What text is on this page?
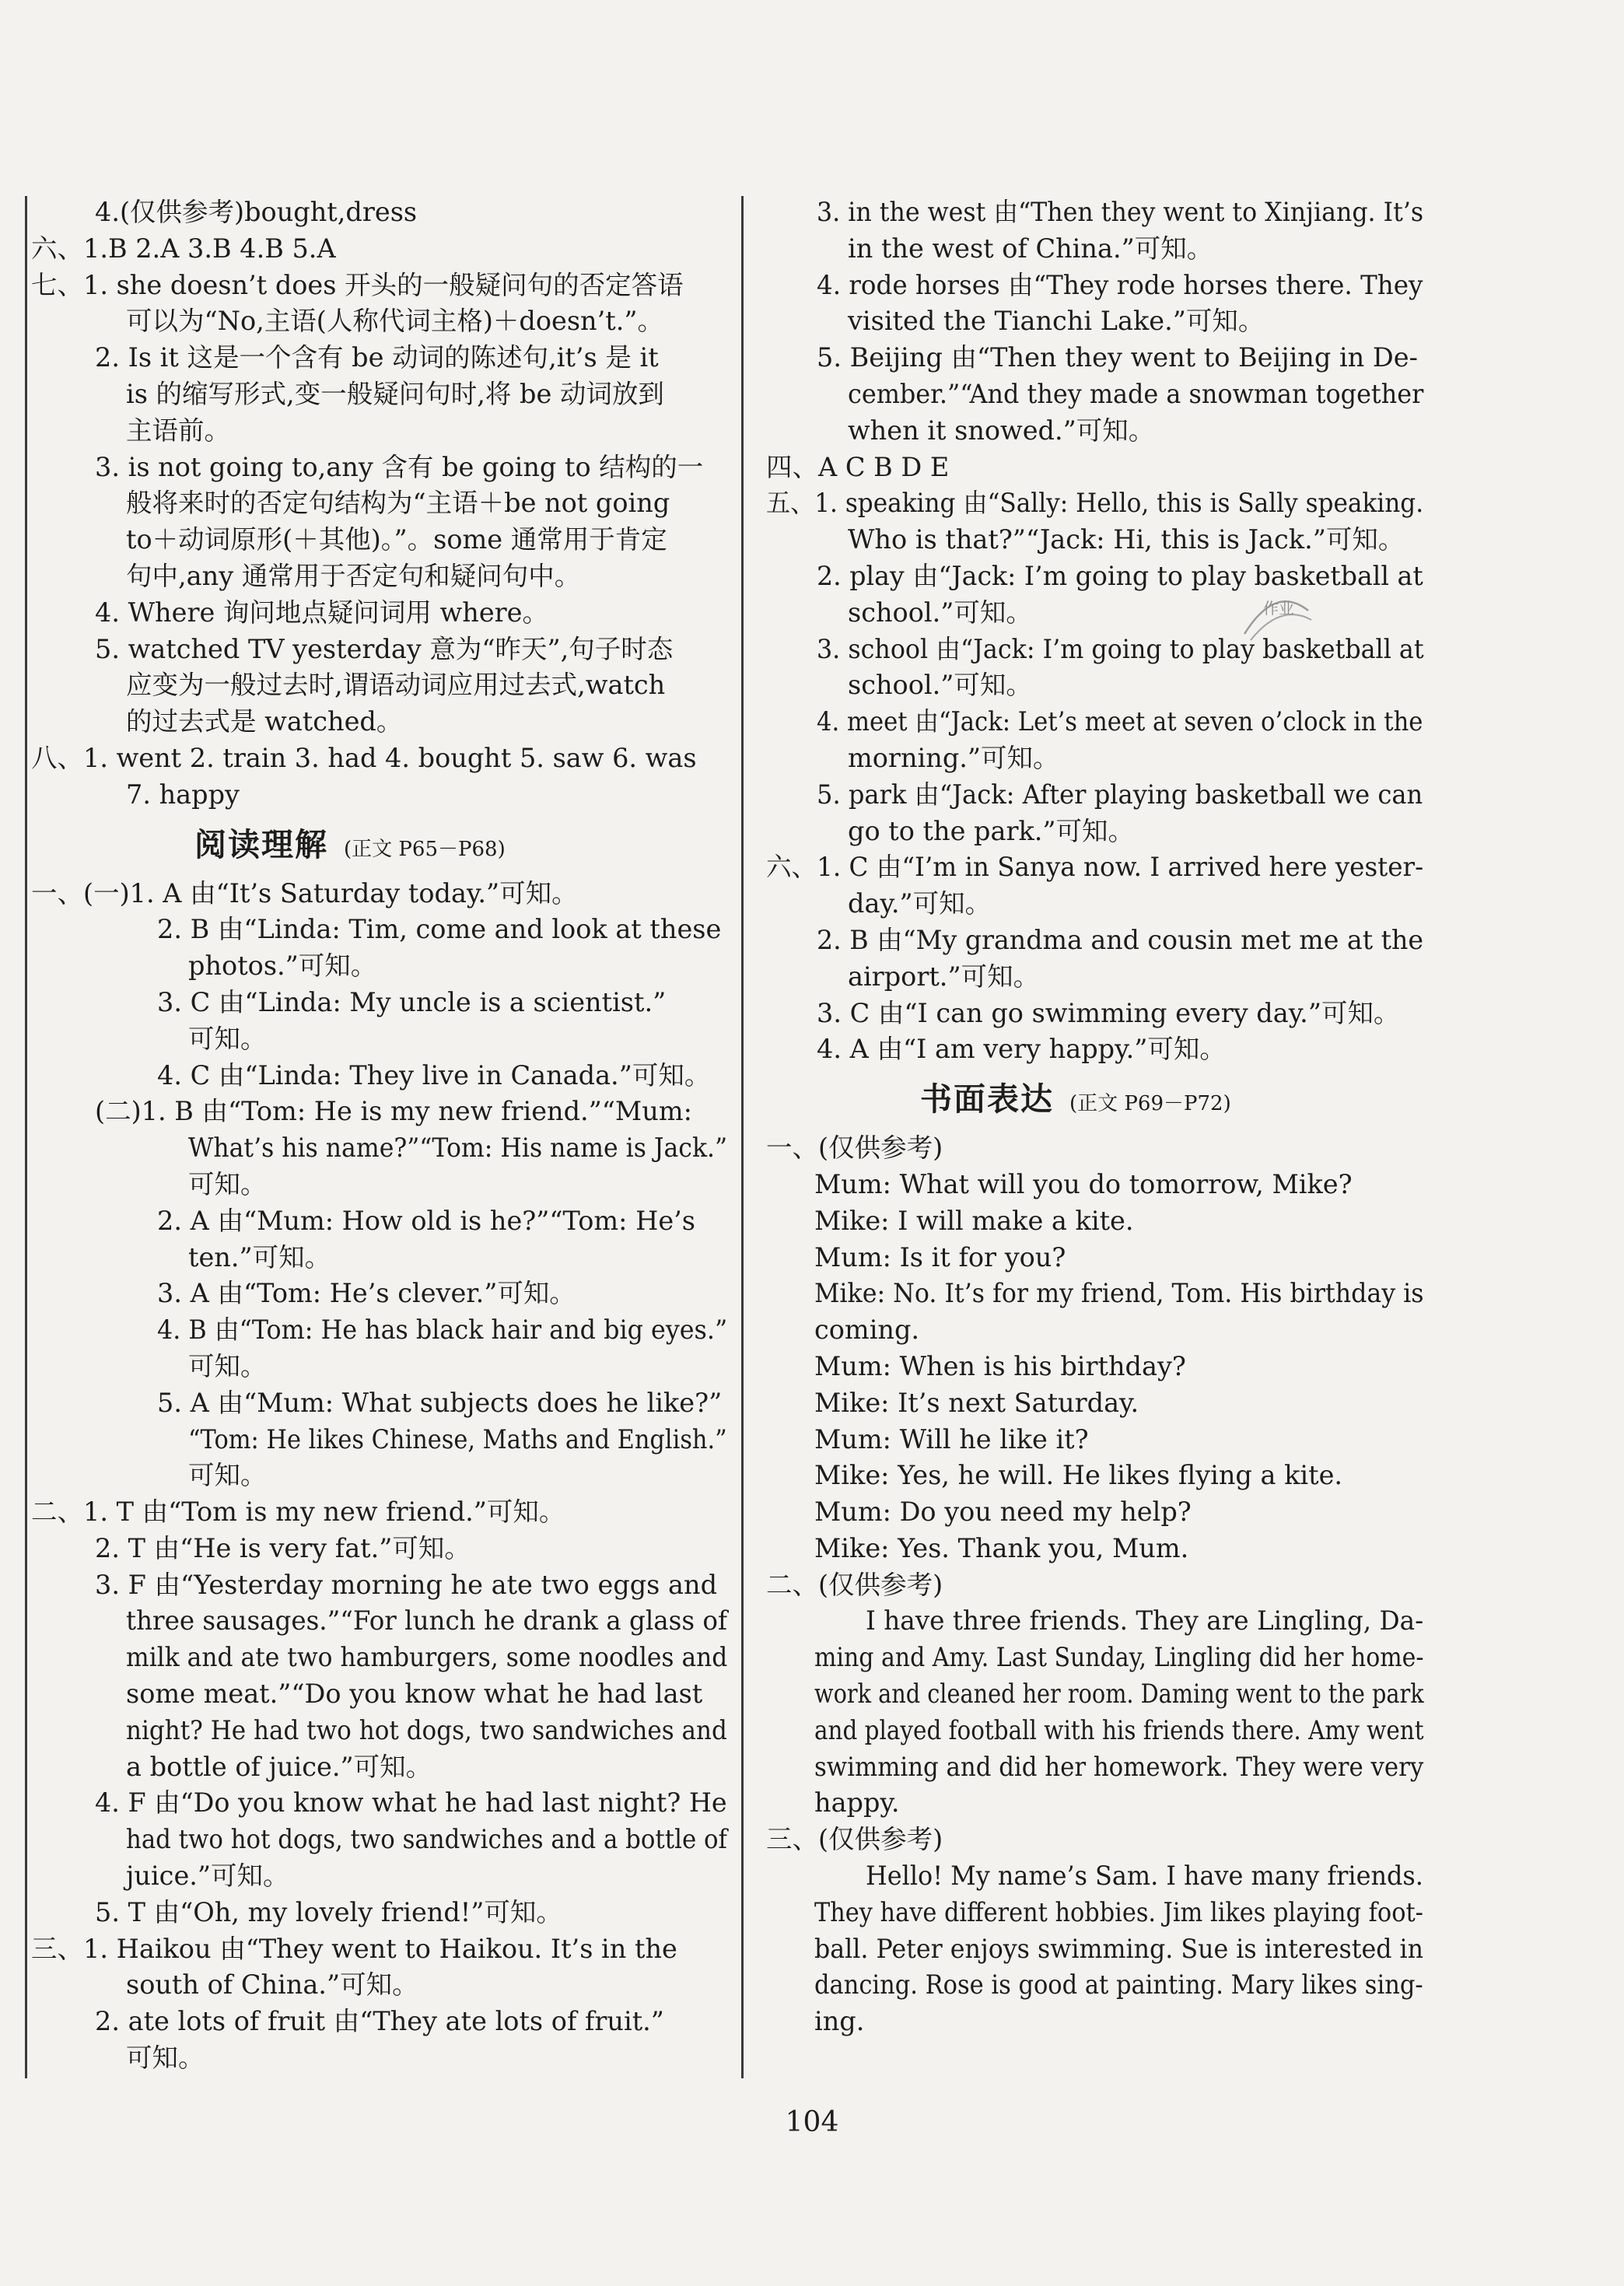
4.(仅供参考)bought,dress
六、1.B 2.A 3.B 4.B 5.A
七、1. she doesn’t does 开头的一般疑问句的否定答语
可以为“No,主语(人称代词主格)＋doesn’t.”。
2. Is it 这是一个含有 be 动词的陈述句,it’s 是 it
is 的缩写形式,变一般疑问句时,将 be 动词放到
主语前。
3. is not going to,any 含有 be going to 结构的一
般将来时的否定句结构为“主语＋be not going
to＋动词原形(＋其他)。”。some 通常用于肯定
句中,any 通常用于否定句和疑问句中。
4. Where 询问地点疑问词用 where。
5. watched TV yesterday 意为“昨天”,句子时态
应变为一般过去时,谓语动词应用过去式,watch
的过去式是 watched。
八、1. went 2. train 3. had 4. bought 5. saw 6. was
7. happy
阅读理解 (正文 P65－P68)
一、(一)1. A 由“It’s Saturday today.”可知。
2. B 由“Linda: Tim, come and look at these
photos.”可知。
3. C 由“Linda: My uncle is a scientist.”
可知。
4. C 由“Linda: They live in Canada.”可知。
(二)1. B 由“Tom: He is my new friend.”“Mum:
What’s his name?”“Tom: His name is Jack.”
可知。
2. A 由“Mum: How old is he?”“Tom: He’s
ten.”可知。
3. A 由“Tom: He’s clever.”可知。
4. B 由“Tom: He has black hair and big eyes.”
可知。
5. A 由“Mum: What subjects does he like?”
“Tom: He likes Chinese, Maths and English.”
可知。
二、1. T 由“Tom is my new friend.”可知。
2. T 由“He is very fat.”可知。
3. F 由“Yesterday morning he ate two eggs and
three sausages.”“For lunch he drank a glass of
milk and ate two hamburgers, some noodles and
some meat.”“Do you know what he had last
night? He had two hot dogs, two sandwiches and
a bottle of juice.”可知。
4. F 由“Do you know what he had last night? He
had two hot dogs, two sandwiches and a bottle of
juice.”可知。
5. T 由“Oh, my lovely friend!”可知。
三、1. Haikou 由“They went to Haikou. It’s in the
south of China.”可知。
2. ate lots of fruit 由“They ate lots of fruit.”
可知。
3. in the west 由“Then they went to Xinjiang. It’s
in the west of China.”可知。
4. rode horses 由“They rode horses there. They
visited the Tianchi Lake.”可知。
5. Beijing 由“Then they went to Beijing in De-
cember.”“And they made a snowman together
when it snowed.”可知。
四、A C B D E
五、1. speaking 由“Sally: Hello, this is Sally speaking.
Who is that?”“Jack: Hi, this is Jack.”可知。
2. play 由“Jack: I’m going to play basketball at
school.”可知。
3. school 由“Jack: I’m going to play basketball at
school.”可知。
4. meet 由“Jack: Let’s meet at seven o’clock in the
morning.”可知。
5. park 由“Jack: After playing basketball we can
go to the park.”可知。
六、1. C 由“I’m in Sanya now. I arrived here yester-
day.”可知。
2. B 由“My grandma and cousin met me at the
airport.”可知。
3. C 由“I can go swimming every day.”可知。
4. A 由“I am very happy.”可知。
书面表达 (正文 P69－P72)
一、(仅供参考)
Mum: What will you do tomorrow, Mike?
Mike: I will make a kite.
Mum: Is it for you?
Mike: No. It’s for my friend, Tom. His birthday is
coming.
Mum: When is his birthday?
Mike: It’s next Saturday.
Mum: Will he like it?
Mike: Yes, he will. He likes flying a kite.
Mum: Do you need my help?
Mike: Yes. Thank you, Mum.
二、(仅供参考)
I have three friends. They are Lingling, Da-
ming and Amy. Last Sunday, Lingling did her home-
work and cleaned her room. Daming went to the park
and played football with his friends there. Amy went
swimming and did her homework. They were very
happy.
三、(仅供参考)
Hello! My name’s Sam. I have many friends.
They have different hobbies. Jim likes playing foot-
ball. Peter enjoys swimming. Sue is interested in
dancing. Rose is good at painting. Mary likes sing-
ing.
作业
104
